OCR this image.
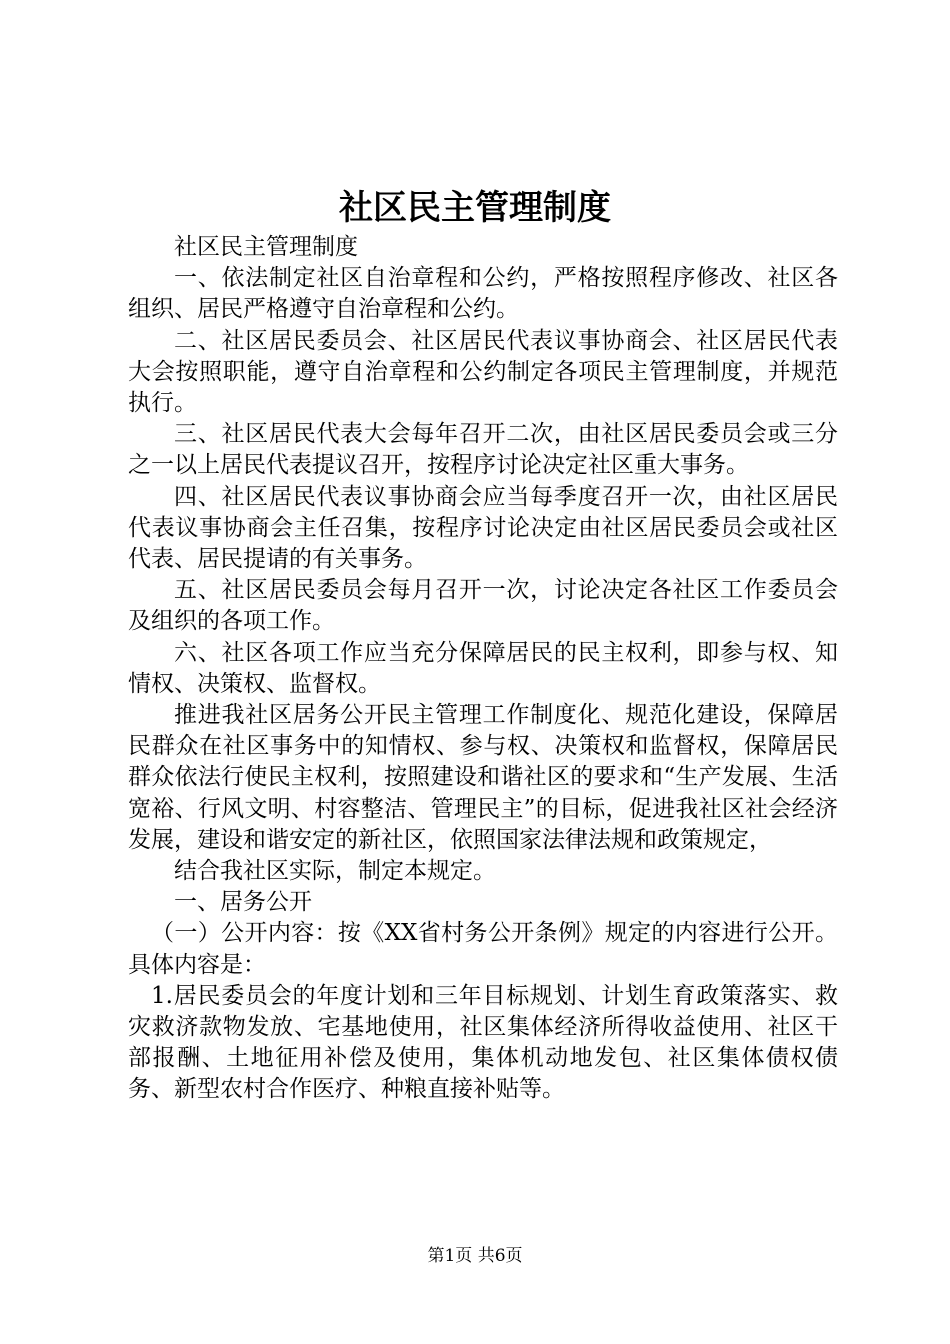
社区民主管理制度

社区民主管理制度

一、依法制定社区自治章程和公约，严格按照程序修改、社区各组织、居民严格遵守自治章程和公约。

二、社区居民委员会、社区居民代表议事协商会、社区居民代表大会按照职能，遵守自治章程和公约制定各项民主管理制度，并规范执行。

三、社区居民代表大会每年召开二次，由社区居民委员会或三分之一以上居民代表提议召开，按程序讨论决定社区重大事务。

四、社区居民代表议事协商会应当每季度召开一次，由社区居民代表议事协商会主任召集，按程序讨论决定由社区居民委员会或社区代表、居民提请的有关事务。

五、社区居民委员会每月召开一次，讨论决定各社区工作委员会及组织的各项工作。

六、社区各项工作应当充分保障居民的民主权利，即参与权、知情权、决策权、监督权。

推进我社区居务公开民主管理工作制度化、规范化建设，保障居民群众在社区事务中的知情权、参与权、决策权和监督权，保障居民群众依法行使民主权利，按照建设和谐社区的要求和“生产发展、生活宽裕、行风文明、村容整洁、管理民主”的目标，促进我社区社会经济发展，建设和谐安定的新社区，依照国家法律法规和政策规定，

结合我社区实际，制定本规定。

一、居务公开

（一）公开内容：按《XX省村务公开条例》规定的内容进行公开。具体内容是：

1.居民委员会的年度计划和三年目标规划、计划生育政策落实、救灾救济款物发放、宅基地使用，社区集体经济所得收益使用、社区干部报酬、土地征用补偿及使用，集体机动地发包、社区集体债权债务、新型农村合作医疗、种粮直接补贴等。

第1页 共6页
